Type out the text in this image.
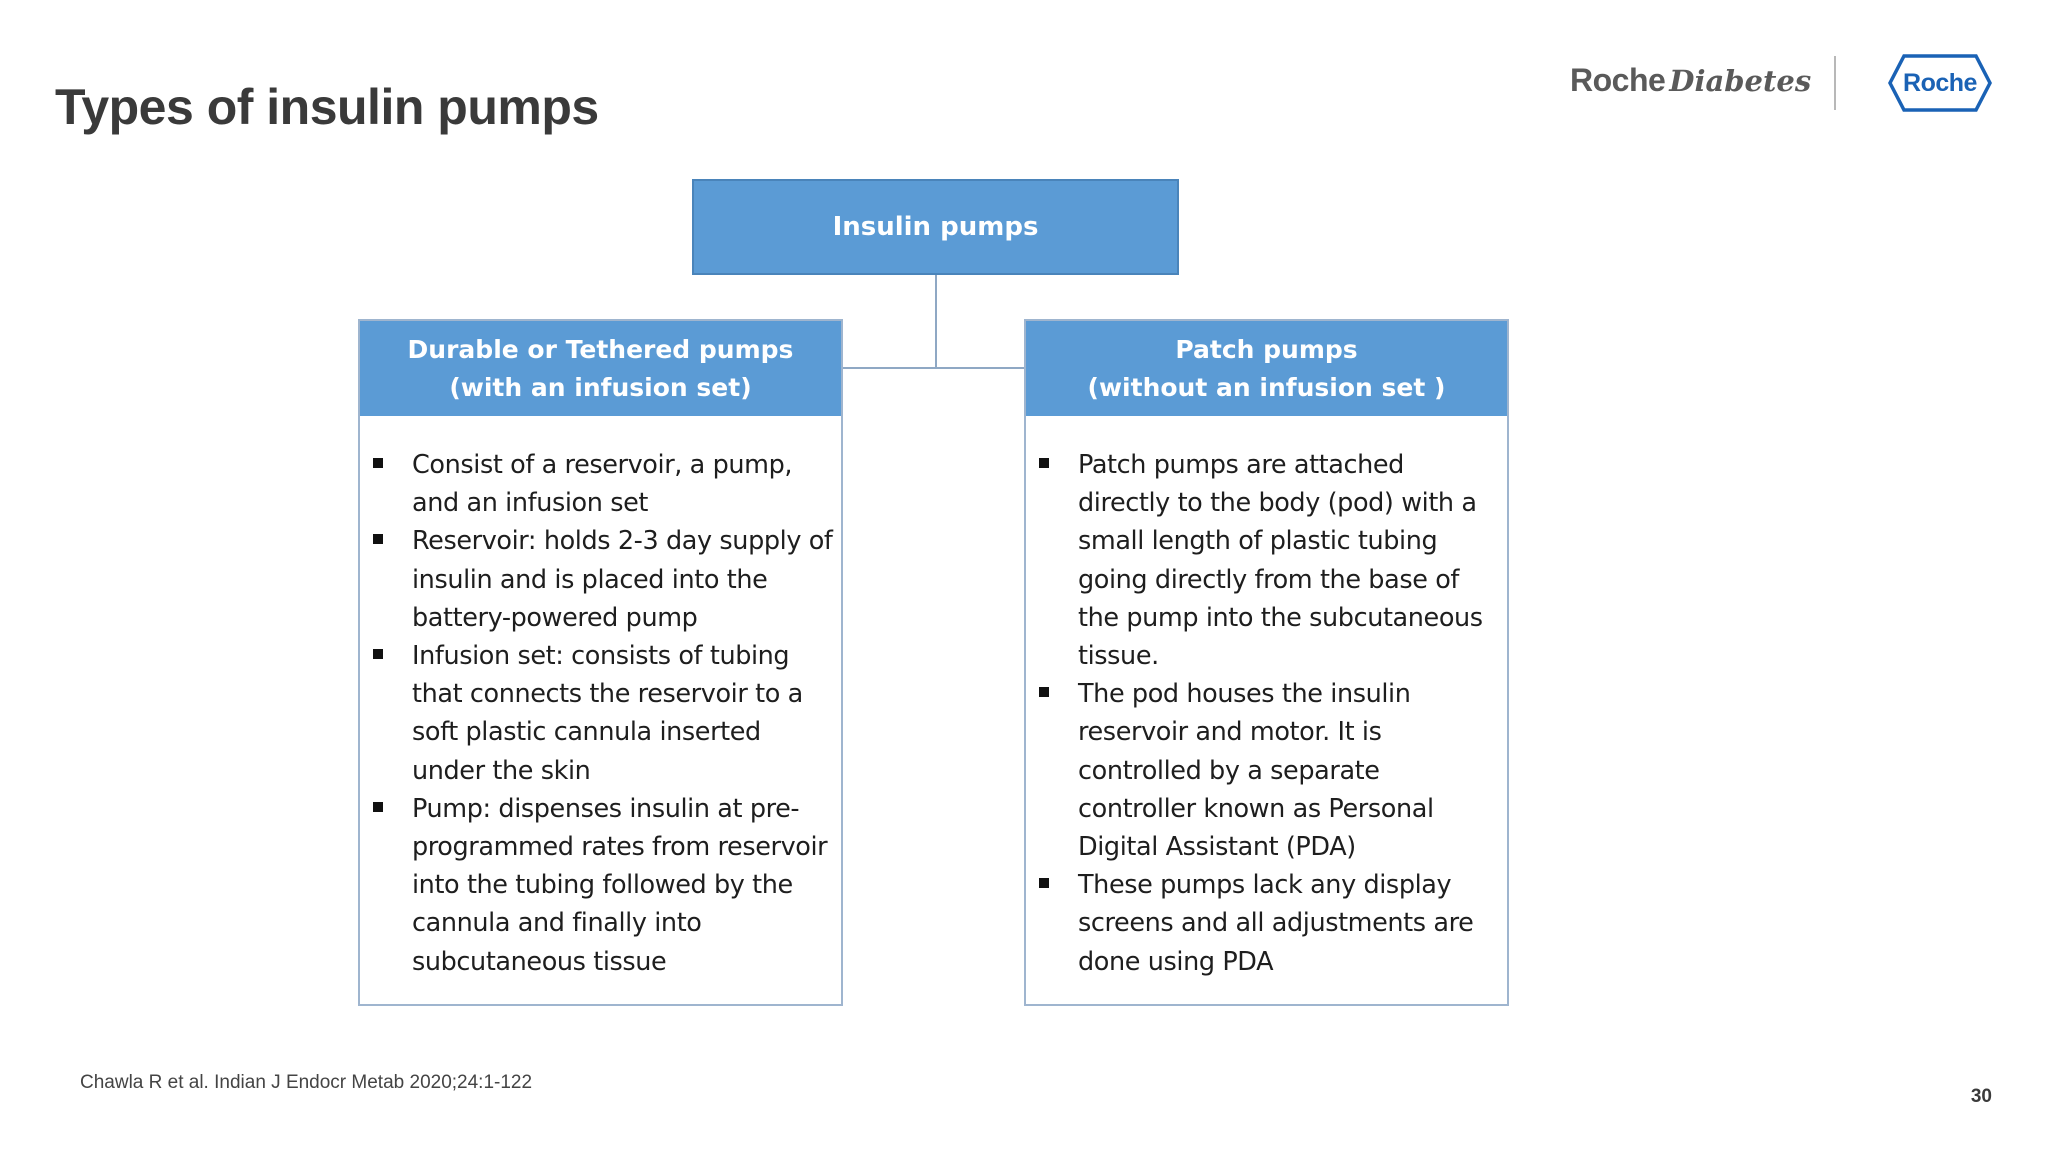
Types of insulin pumps	Roche Diabetes	Roche
Insulin pumps
Durable or Tethered pumps
(with an infusion set)
Consist of a reservoir, a pump, and an infusion set
Reservoir: holds 2-3 day supply of insulin and is placed into the battery-powered pump
Infusion set: consists of tubing that connects the reservoir to a soft plastic cannula inserted under the skin
Pump: dispenses insulin at pre-programmed rates from reservoir into the tubing followed by the cannula and finally into subcutaneous tissue
Patch pumps
(without an infusion set )
Patch pumps are attached directly to the body (pod) with a small length of plastic tubing going directly from the base of the pump into the subcutaneous tissue.
The pod houses the insulin reservoir and motor. It is controlled by a separate controller known as Personal Digital Assistant (PDA)
These pumps lack any display screens and all adjustments are done using PDA
Chawla R et al. Indian J Endocr Metab 2020;24:1-122
30
